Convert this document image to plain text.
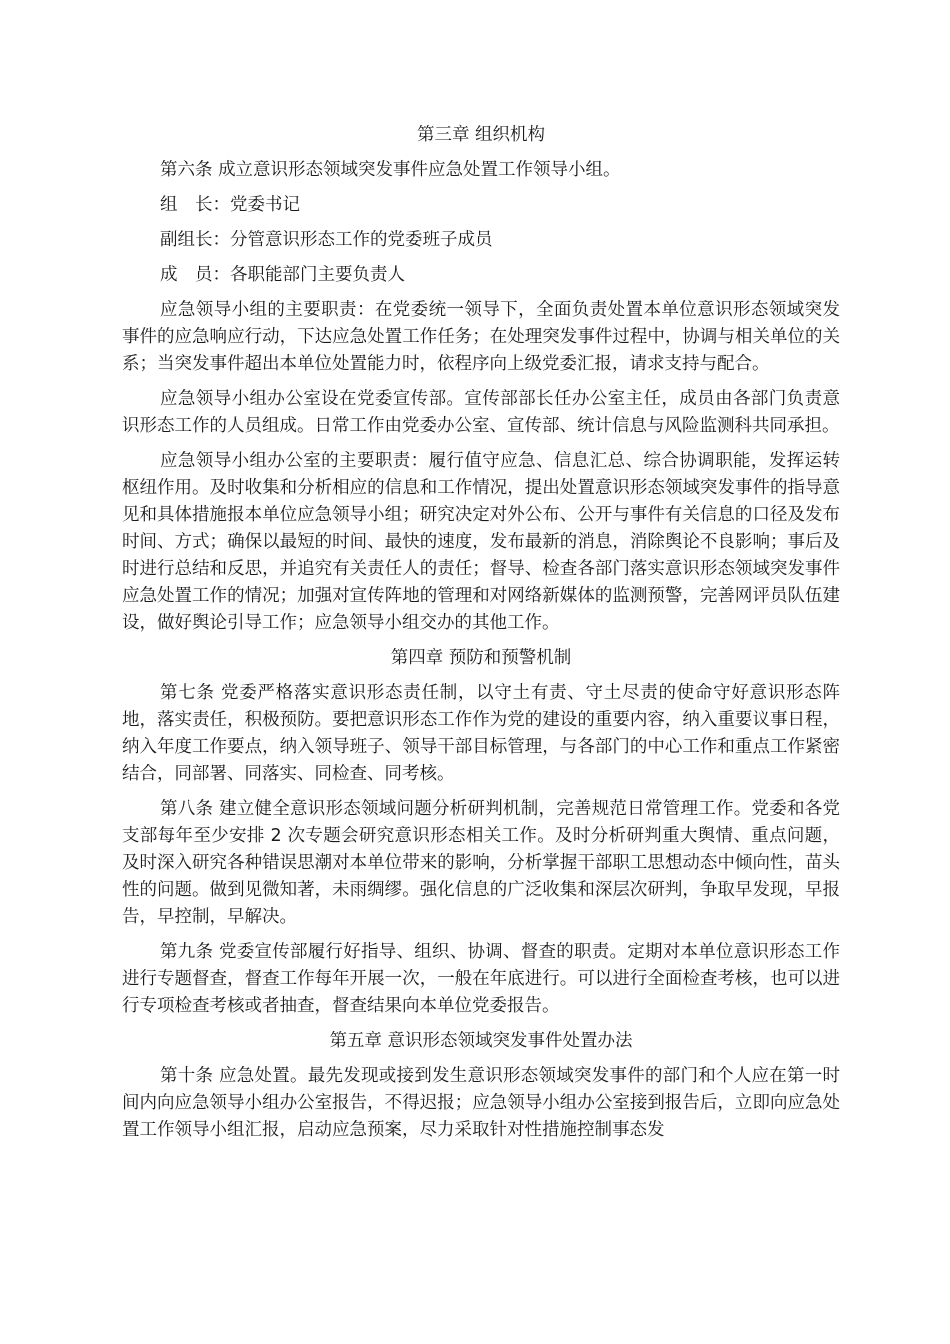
第三章 组织机构
第六条 成立意识形态领域突发事件应急处置工作领导小组。
组　长：党委书记
副组长：分管意识形态工作的党委班子成员
成　员：各职能部门主要负责人
应急领导小组的主要职责：在党委统一领导下，全面负责处置本单位意识形态领域突发事件的应急响应行动，下达应急处置工作任务；在处理突发事件过程中，协调与相关单位的关系；当突发事件超出本单位处置能力时，依程序向上级党委汇报，请求支持与配合。
应急领导小组办公室设在党委宣传部。宣传部部长任办公室主任，成员由各部门负责意识形态工作的人员组成。日常工作由党委办公室、宣传部、统计信息与风险监测科共同承担。
应急领导小组办公室的主要职责：履行值守应急、信息汇总、综合协调职能，发挥运转枢纽作用。及时收集和分析相应的信息和工作情况，提出处置意识形态领域突发事件的指导意见和具体措施报本单位应急领导小组；研究决定对外公布、公开与事件有关信息的口径及发布时间、方式；确保以最短的时间、最快的速度，发布最新的消息，消除舆论不良影响；事后及时进行总结和反思，并追究有关责任人的责任；督导、检查各部门落实意识形态领域突发事件应急处置工作的情况；加强对宣传阵地的管理和对网络新媒体的监测预警，完善网评员队伍建设，做好舆论引导工作；应急领导小组交办的其他工作。
第四章 预防和预警机制
第七条 党委严格落实意识形态责任制，以守土有责、守土尽责的使命守好意识形态阵地，落实责任，积极预防。要把意识形态工作作为党的建设的重要内容，纳入重要议事日程，纳入年度工作要点，纳入领导班子、领导干部目标管理，与各部门的中心工作和重点工作紧密结合，同部署、同落实、同检查、同考核。
第八条 建立健全意识形态领域问题分析研判机制，完善规范日常管理工作。党委和各党支部每年至少安排 2 次专题会研究意识形态相关工作。及时分析研判重大舆情、重点问题，及时深入研究各种错误思潮对本单位带来的影响，分析掌握干部职工思想动态中倾向性，苗头性的问题。做到见微知著，未雨绸缪。强化信息的广泛收集和深层次研判，争取早发现，早报告，早控制，早解决。
第九条 党委宣传部履行好指导、组织、协调、督查的职责。定期对本单位意识形态工作进行专题督查，督查工作每年开展一次，一般在年底进行。可以进行全面检查考核，也可以进行专项检查考核或者抽查，督查结果向本单位党委报告。
第五章 意识形态领域突发事件处置办法
第十条 应急处置。最先发现或接到发生意识形态领域突发事件的部门和个人应在第一时间内向应急领导小组办公室报告，不得迟报；应急领导小组办公室接到报告后，立即向应急处置工作领导小组汇报，启动应急预案，尽力采取针对性措施控制事态发
